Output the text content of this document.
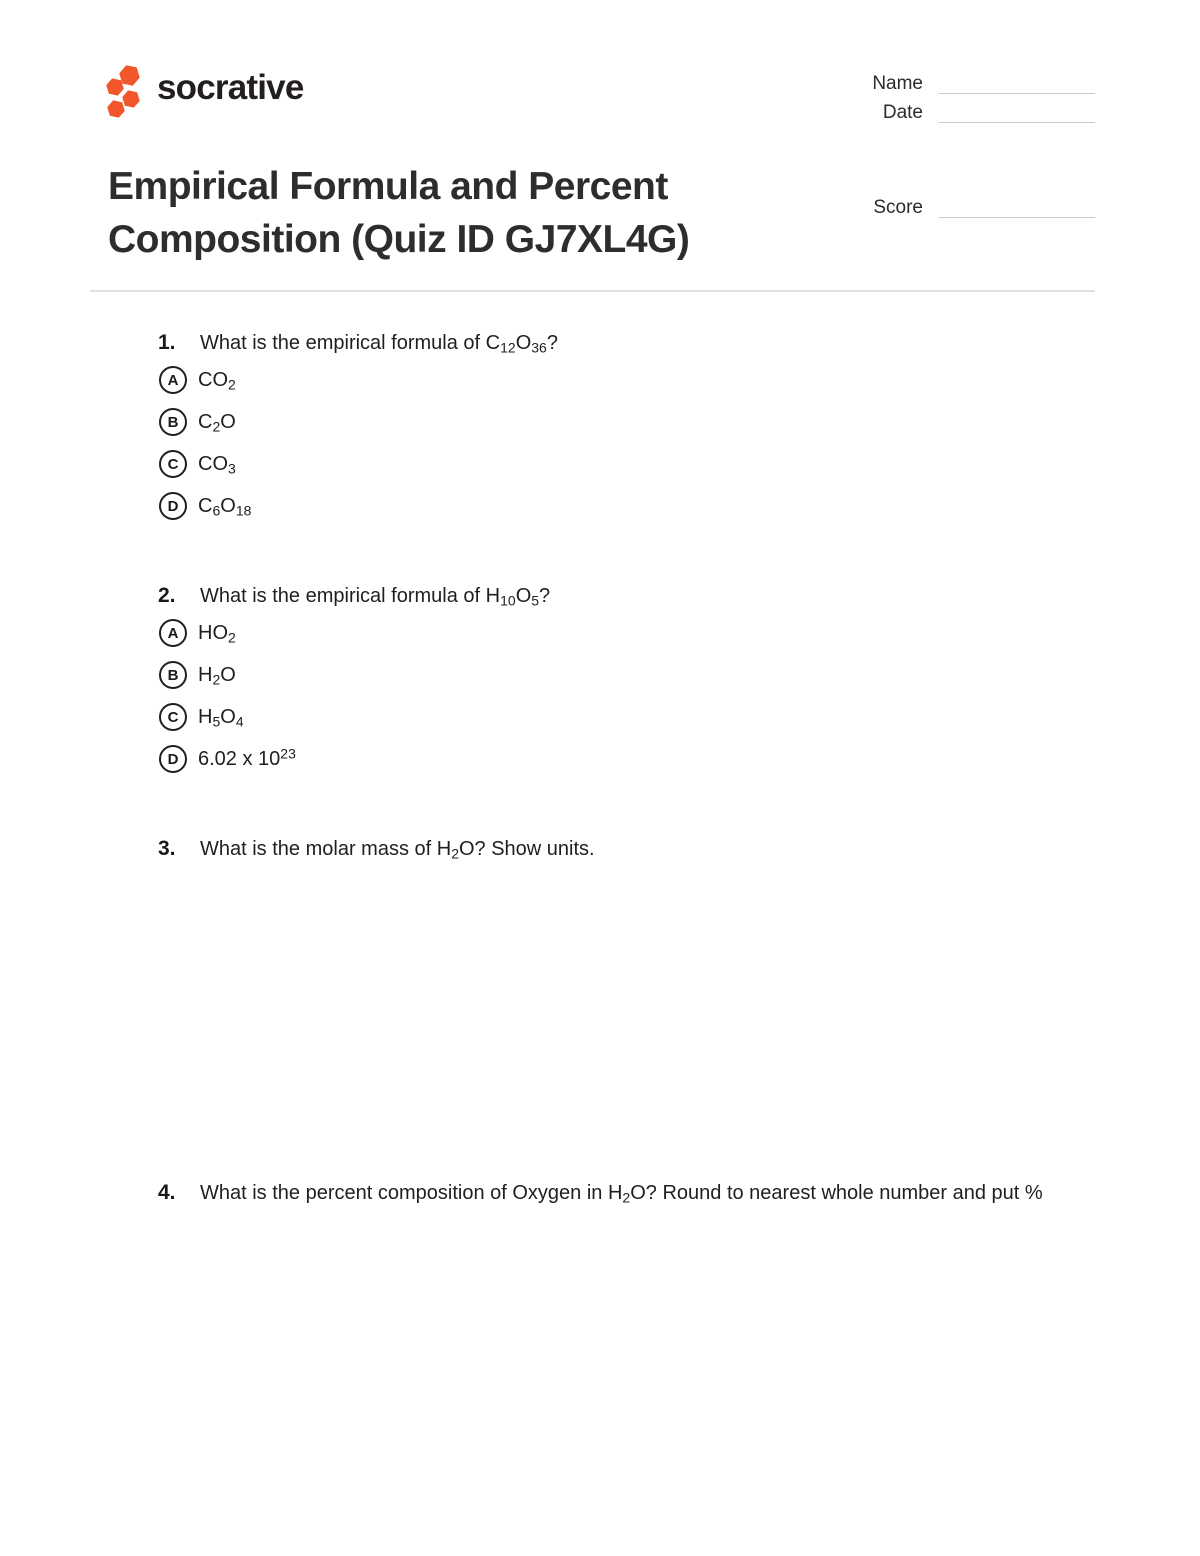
socrative	Name
Date
Score
Empirical Formula and Percent Composition (Quiz ID GJ7XL4G)
1.	What is the empirical formula of $C_{12}O_{36}$?
A $CO_2$
B $C_2O$
C $CO_3$
D $C_6O_{18}$
2.	What is the empirical formula of $H_{10}O_5$?
A $HO_2$
B $H_2O$
C $H_5O_4$
D 6.02 x $10^{23}$
3.	What is the molar mass of $H_2O$? Show units.
4.	What is the percent composition of Oxygen in $H_2O$? Round to nearest whole number and put %
